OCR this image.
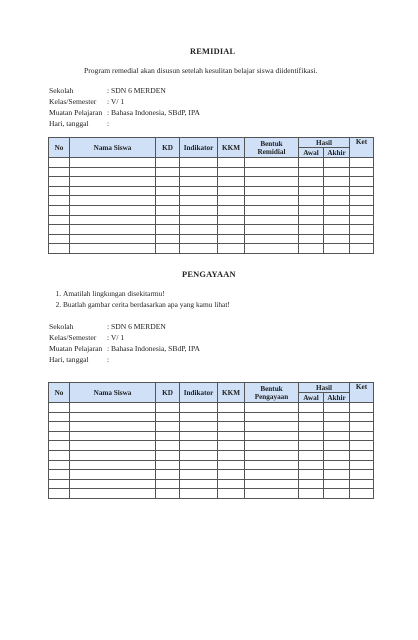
REMIDIAL
Program remedial akan disusun setelah kesulitan belajar siswa diidentifikasi.
Sekolah	: SDN 6 MERDEN
Kelas/Semester : V/ 1
Muatan Pelajaran : Bahasa Indonesia, SBdP, IPA
Hari, tanggal :
No	Nama Siswa	KD	Indikator	KKM	Bentuk Remidial	Hasil		Ket
						Awal	Akhir	

PENGAYAAN
1. Amatilah lingkungan disekitarmu!
2. Buatlah gambar cerita berdasarkan apa yang kamu lihat!
Sekolah	: SDN 6 MERDEN
Kelas/Semester : V/ 1
Muatan Pelajaran : Bahasa Indonesia, SBdP, IPA
Hari, tanggal :
No	Nama Siswa	KD	Indikator	KKM	Bentuk Pengayaan	Hasil		Ket
						Awal	Akhir	
